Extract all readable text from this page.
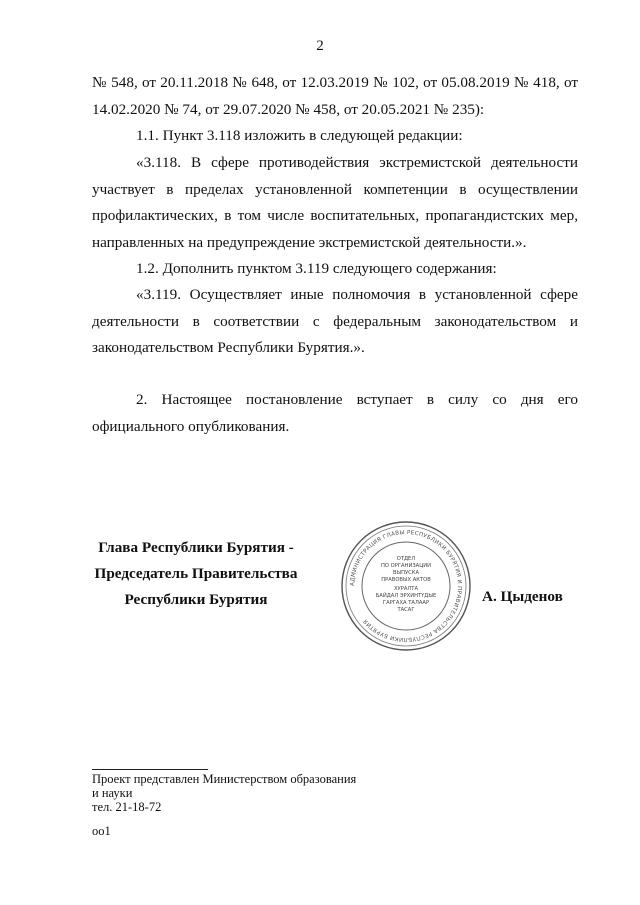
2

№ 548, от 20.11.2018 № 648, от 12.03.2019 № 102, от 05.08.2019 № 418, от 14.02.2020 № 74, от 29.07.2020 № 458, от 20.05.2021 № 235):

1.1. Пункт 3.118 изложить в следующей редакции:

«3.118. В сфере противодействия экстремистской деятельности участвует в пределах установленной компетенции в осуществлении профилактических, в том числе воспитательных, пропагандистских мер, направленных на предупреждение экстремистской деятельности.».

1.2. Дополнить пунктом 3.119 следующего содержания:

«3.119. Осуществляет иные полномочия в установленной сфере деятельности в соответствии с федеральным законодательством и законодательством Республики Бурятия.».

2. Настоящее постановление вступает в силу со дня его официального опубликования.

Глава Республики Бурятия -
Председатель Правительства
Республики Бурятия	А. Цыденов
АДМИНИСТРАЦИЯ ГЛАВЫ РЕСПУБЛИКИ БУРЯТИЯ И ПРАВИТЕЛЬСТВА РЕСПУБЛИКИ БУРЯТИЯ
ОТДЕЛ
ПО ОРГАНИЗАЦИИ
ВЫПУСКА
ПРАВОВЫХ АКТОВ
ХУРАЛТА
БАЙДАЛ ЭРХИНТҮДЫЕ
ГАРГАХА ТАЛААР
ТАСАГ
Проект представлен Министерством образования
и науки
тел. 21-18-72
оо1
